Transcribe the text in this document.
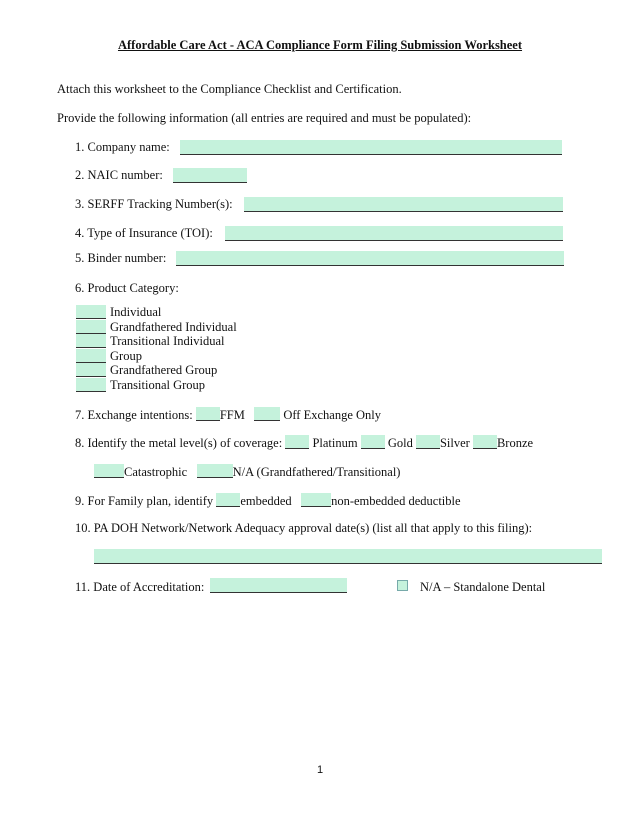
Affordable Care Act - ACA Compliance Form Filing Submission Worksheet
Attach this worksheet to the Compliance Checklist and Certification.
Provide the following information (all entries are required and must be populated):
1. Company name:
2. NAIC number:
3. SERFF Tracking Number(s):
4. Type of Insurance (TOI):
5. Binder number:
6. Product Category:
Individual
Grandfathered Individual
Transitional Individual
Group
Grandfathered Group
Transitional Group
7. Exchange intentions: FFM	Off Exchange Only
8. Identify the metal level(s) of coverage: Platinum Gold Silver Bronze
Catastrophic	N/A (Grandfathered/Transitional)
9. For Family plan, identify embedded	non-embedded deductible
10. PA DOH Network/Network Adequacy approval date(s) (list all that apply to this filing):
11. Date of Accreditation:	N/A – Standalone Dental
1
